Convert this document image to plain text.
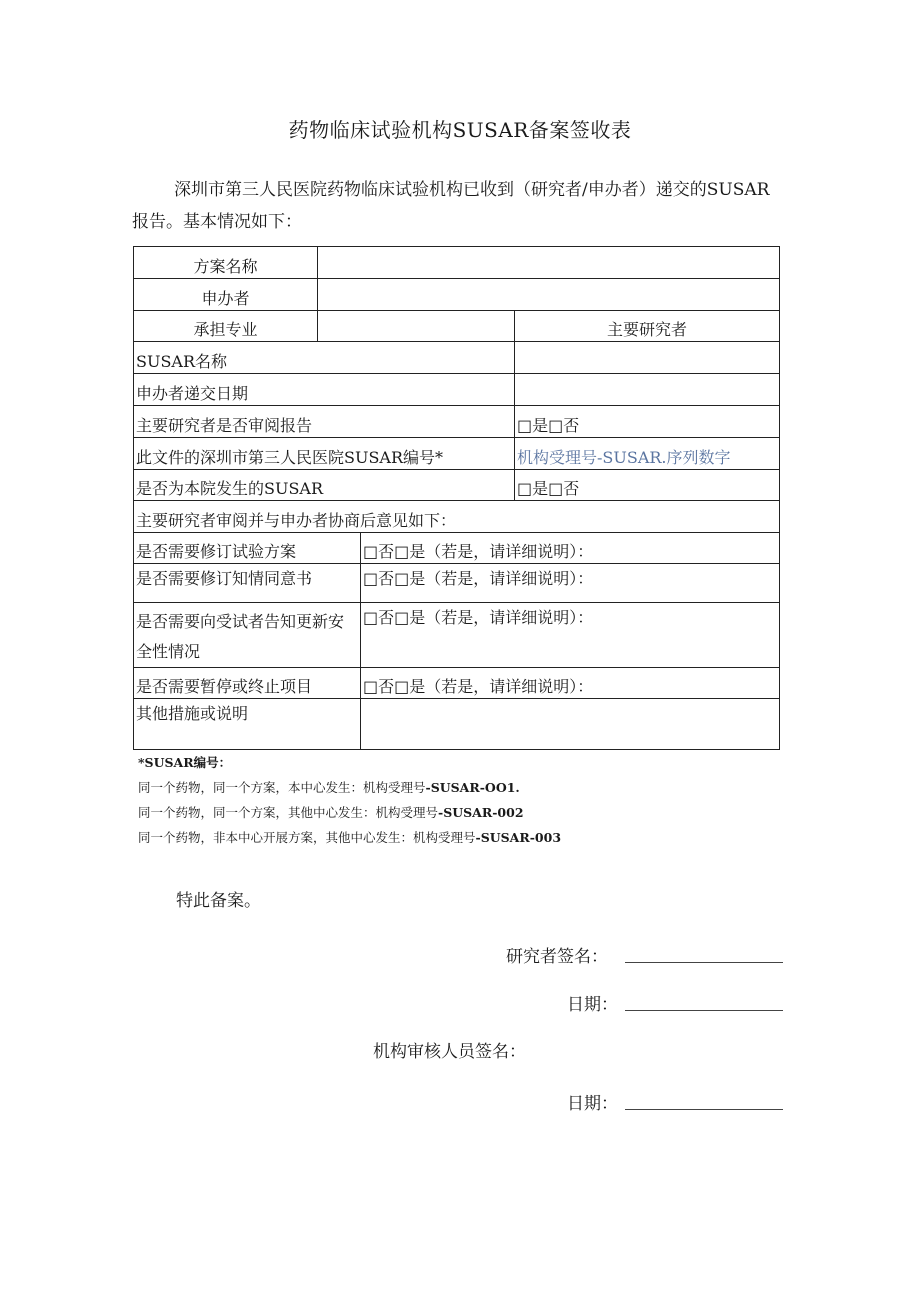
药物临床试验机构SUSAR备案签收表
深圳市第三人民医院药物临床试验机构已收到（研究者/申办者）递交的SUSAR报告。基本情况如下：
方案名称			
申办者			
承担专业			主要研究者
SUSAR名称			
申办者递交日期			
主要研究者是否审阅报告			□是□否
此文件的深圳市第三人民医院SUSAR编号*			机构受理号-SUSAR.序列数字
是否为本院发生的SUSAR			□是□否
主要研究者审阅并与申办者协商后意见如下：			
是否需要修订试验方案		□否□是（若是，请详细说明）：	
是否需要修订知情同意书		□否□是（若是，请详细说明）：	
是否需要向受试者告知更新安全性情况		□否□是（若是，请详细说明）：	
是否需要暂停或终止项目		□否□是（若是，请详细说明）：	
其他措施或说明			
*SUSAR编号：
同一个药物，同一个方案，本中心发生：机构受理号-SUSAR-OO1.
同一个药物，同一个方案，其他中心发生：机构受理号-SUSAR-002
同一个药物，非本中心开展方案，其他中心发生：机构受理号-SUSAR-003
特此备案。
研究者签名：
日期：
机构审核人员签名：
日期：
